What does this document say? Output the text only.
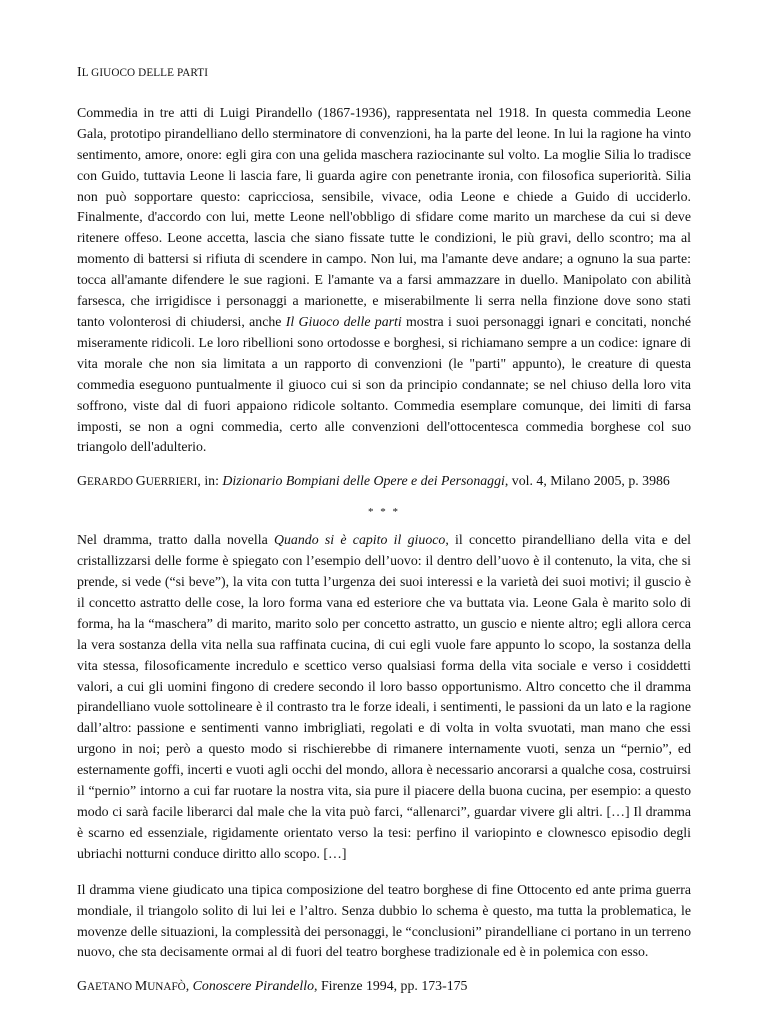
IL GIUOCO DELLE PARTI

Commedia in tre atti di Luigi Pirandello (1867-1936), rappresentata nel 1918. In questa commedia Leone Gala, prototipo pirandelliano dello sterminatore di convenzioni, ha la parte del leone. In lui la ragione ha vinto sentimento, amore, onore: egli gira con una gelida maschera raziocinante sul volto. La moglie Silia lo tradisce con Guido, tuttavia Leone li lascia fare, li guarda agire con penetrante ironia, con filosofica superiorità. Silia non può sopportare questo: capricciosa, sensibile, vivace, odia Leone e chiede a Guido di ucciderlo. Finalmente, d'accordo con lui, mette Leone nell'obbligo di sfidare come marito un marchese da cui si deve ritenere offeso. Leone accetta, lascia che siano fissate tutte le condizioni, le più gravi, dello scontro; ma al momento di battersi si rifiuta di scendere in campo. Non lui, ma l'amante deve andare; a ognuno la sua parte: tocca all'amante difendere le sue ragioni. E l'amante va a farsi ammazzare in duello. Manipolato con abilità farsesca, che irrigidisce i personaggi a marionette, e miserabilmente li serra nella finzione dove sono stati tanto volonterosi di chiudersi, anche Il Giuoco delle parti mostra i suoi personaggi ignari e concitati, nonché miseramente ridicoli. Le loro ribellioni sono ortodosse e borghesi, si richiamano sempre a un codice: ignare di vita morale che non sia limitata a un rapporto di convenzioni (le "parti" appunto), le creature di questa commedia eseguono puntualmente il giuoco cui si son da principio condannate; se nel chiuso della loro vita soffrono, viste dal di fuori appaiono ridicole soltanto. Commedia esemplare comunque, dei limiti di farsa imposti, se non a ogni commedia, certo alle convenzioni dell'ottocentesca commedia borghese col suo triangolo dell'adulterio.

GERARDO GUERRIERI, in: Dizionario Bompiani delle Opere e dei Personaggi, vol. 4, Milano 2005, p. 3986

* * *

Nel dramma, tratto dalla novella Quando si è capito il giuoco, il concetto pirandelliano della vita e del cristallizzarsi delle forme è spiegato con l’esempio dell’uovo: il dentro dell’uovo è il contenuto, la vita, che si prende, si vede (“si beve”), la vita con tutta l’urgenza dei suoi interessi e la varietà dei suoi motivi; il guscio è il concetto astratto delle cose, la loro forma vana ed esteriore che va buttata via. Leone Gala è marito solo di forma, ha la “maschera” di marito, marito solo per concetto astratto, un guscio e niente altro; egli allora cerca la vera sostanza della vita nella sua raffinata cucina, di cui egli vuole fare appunto lo scopo, la sostanza della vita stessa, filosoficamente incredulo e scettico verso qualsiasi forma della vita sociale e verso i cosiddetti valori, a cui gli uomini fingono di credere secondo il loro basso opportunismo. Altro concetto che il dramma pirandelliano vuole sottolineare è il contrasto tra le forze ideali, i sentimenti, le passioni da un lato e la ragione dall’altro: passione e sentimenti vanno imbrigliati, regolati e di volta in volta svuotati, man mano che essi urgono in noi; però a questo modo si rischierebbe di rimanere internamente vuoti, senza un “pernio”, ed esternamente goffi, incerti e vuoti agli occhi del mondo, allora è necessario ancorarsi a qualche cosa, costruirsi il “pernio” intorno a cui far ruotare la nostra vita, sia pure il piacere della buona cucina, per esempio: a questo modo ci sarà facile liberarci dal male che la vita può farci, “allenarci”, guardar vivere gli altri. […] Il dramma è scarno ed essenziale, rigidamente orientato verso la tesi: perfino il variopinto e clownesco episodio degli ubriachi notturni conduce diritto allo scopo. […]

Il dramma viene giudicato una tipica composizione del teatro borghese di fine Ottocento ed ante prima guerra mondiale, il triangolo solito di lui lei e l’altro. Senza dubbio lo schema è questo, ma tutta la problematica, le movenze delle situazioni, la complessità dei personaggi, le “conclusioni” pirandelliane ci portano in un terreno nuovo, che sta decisamente ormai al di fuori del teatro borghese tradizionale ed è in polemica con esso.

GAETANO MUNAFÒ, Conoscere Pirandello, Firenze 1994, pp. 173-175
